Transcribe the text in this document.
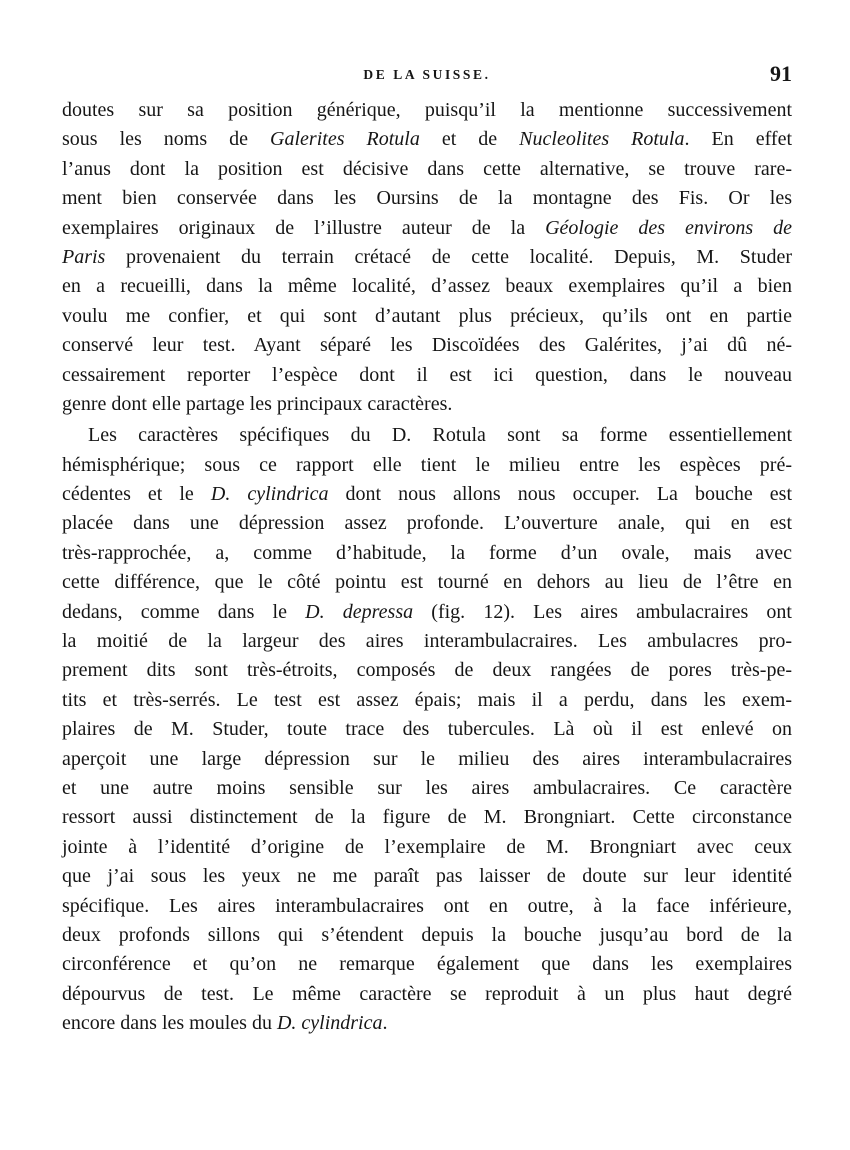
DE LA SUISSE.	91
doutes sur sa position générique, puisqu’il la mentionne successivement
sous les noms de Galerites Rotula et de Nucleolites Rotula. En effet
l’anus dont la position est décisive dans cette alternative, se trouve rare-
ment bien conservée dans les Oursins de la montagne des Fis. Or les
exemplaires originaux de l’illustre auteur de la Géologie des environs de
Paris provenaient du terrain crétacé de cette localité. Depuis, M. Studer
en a recueilli, dans la même localité, d’assez beaux exemplaires qu’il a bien
voulu me confier, et qui sont d’autant plus précieux, qu’ils ont en partie
conservé leur test. Ayant séparé les Discoïdées des Galérites, j’ai dû né-
cessairement reporter l’espèce dont il est ici question, dans le nouveau
genre dont elle partage les principaux caractères.
Les caractères spécifiques du D. Rotula sont sa forme essentiellement
hémisphérique; sous ce rapport elle tient le milieu entre les espèces pré-
cédentes et le D. cylindrica dont nous allons nous occuper. La bouche est
placée dans une dépression assez profonde. L’ouverture anale, qui en est
très-rapprochée, a, comme d’habitude, la forme d’un ovale, mais avec
cette différence, que le côté pointu est tourné en dehors au lieu de l’être en
dedans, comme dans le D. depressa (fig. 12). Les aires ambulacraires ont
la moitié de la largeur des aires interambulacraires. Les ambulacres pro-
prement dits sont très-étroits, composés de deux rangées de pores très-pe-
tits et très-serrés. Le test est assez épais; mais il a perdu, dans les exem-
plaires de M. Studer, toute trace des tubercules. Là où il est enlevé on
aperçoit une large dépression sur le milieu des aires interambulacraires
et une autre moins sensible sur les aires ambulacraires. Ce caractère
ressort aussi distinctement de la figure de M. Brongniart. Cette circonstance
jointe à l’identité d’origine de l’exemplaire de M. Brongniart avec ceux
que j’ai sous les yeux ne me paraît pas laisser de doute sur leur identité
spécifique. Les aires interambulacraires ont en outre, à la face inférieure,
deux profonds sillons qui s’étendent depuis la bouche jusqu’au bord de la
circonférence et qu’on ne remarque également que dans les exemplaires
dépourvus de test. Le même caractère se reproduit à un plus haut degré
encore dans les moules du D. cylindrica.
